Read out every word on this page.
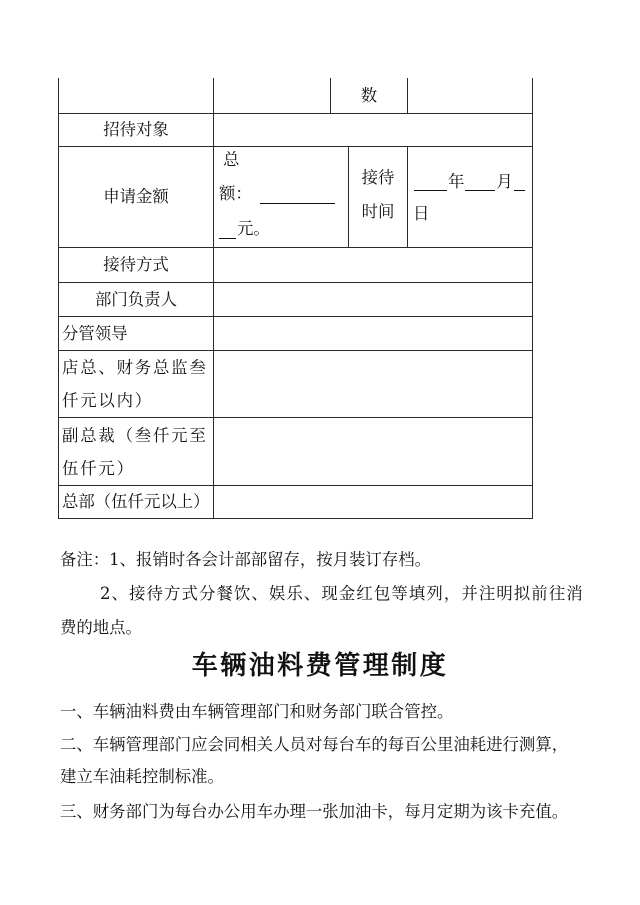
数
招待对象
申请金额
总
额：
元。
接待
时间
年 月
日
接待方式
部门负责人
分管领导
店总、财务总监叁
仟元以内）
副总裁（叁仟元至
伍仟元）
总部（伍仟元以上）
备注：1、报销时各会计部部留存，按月装订存档。
2、接待方式分餐饮、娱乐、现金红包等填列，并注明拟前往消
费的地点。
车辆油料费管理制度
一、车辆油料费由车辆管理部门和财务部门联合管控。
二、车辆管理部门应会同相关人员对每台车的每百公里油耗进行测算，
建立车油耗控制标准。
三、财务部门为每台办公用车办理一张加油卡，每月定期为该卡充值。
